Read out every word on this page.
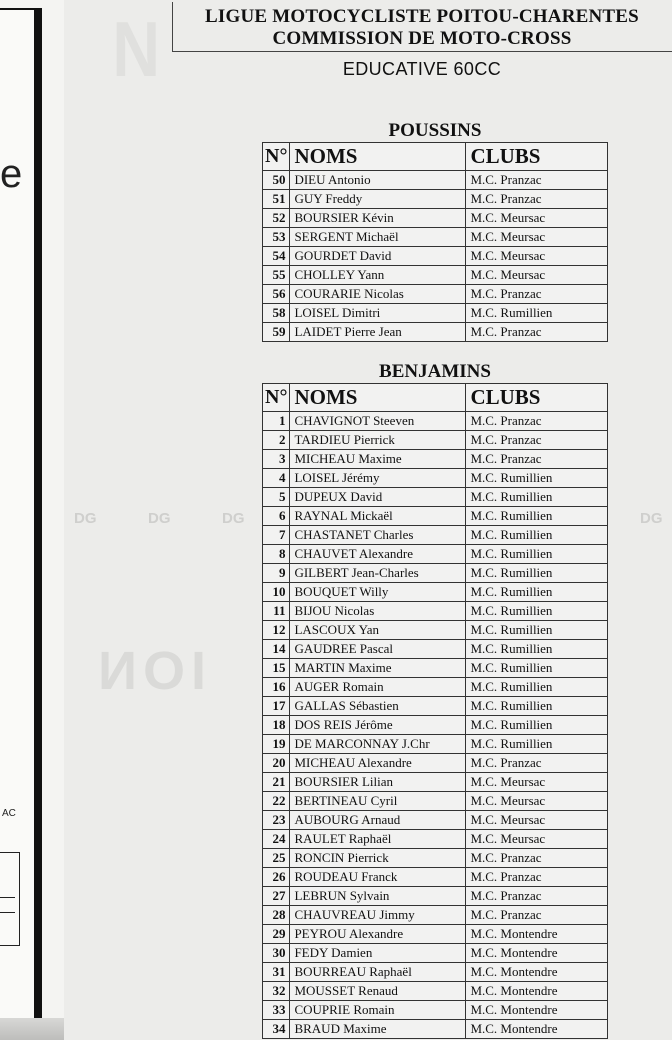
e
AC
N
ION
DG	DG	DG	DG
LIGUE MOTOCYCLISTE POITOU-CHARENTES
COMMISSION DE MOTO-CROSS
EDUCATIVE 60CC
POUSSINS
N°	NOMS	CLUBS
50	DIEU Antonio	M.C. Pranzac
51	GUY Freddy	M.C. Pranzac
52	BOURSIER Kévin	M.C. Meursac
53	SERGENT Michaël	M.C. Meursac
54	GOURDET David	M.C. Meursac
55	CHOLLEY Yann	M.C. Meursac
56	COURARIE Nicolas	M.C. Pranzac
58	LOISEL Dimitri	M.C. Rumillien
59	LAIDET Pierre Jean	M.C. Pranzac
BENJAMINS
N°	NOMS	CLUBS
1	CHAVIGNOT Steeven	M.C. Pranzac
2	TARDIEU Pierrick	M.C. Pranzac
3	MICHEAU Maxime	M.C. Pranzac
4	LOISEL Jérémy	M.C. Rumillien
5	DUPEUX David	M.C. Rumillien
6	RAYNAL Mickaël	M.C. Rumillien
7	CHASTANET Charles	M.C. Rumillien
8	CHAUVET Alexandre	M.C. Rumillien
9	GILBERT Jean-Charles	M.C. Rumillien
10	BOUQUET Willy	M.C. Rumillien
11	BIJOU Nicolas	M.C. Rumillien
12	LASCOUX Yan	M.C. Rumillien
14	GAUDREE Pascal	M.C. Rumillien
15	MARTIN Maxime	M.C. Rumillien
16	AUGER Romain	M.C. Rumillien
17	GALLAS Sébastien	M.C. Rumillien
18	DOS REIS Jérôme	M.C. Rumillien
19	DE MARCONNAY J.Chr	M.C. Rumillien
20	MICHEAU Alexandre	M.C. Pranzac
21	BOURSIER Lilian	M.C. Meursac
22	BERTINEAU Cyril	M.C. Meursac
23	AUBOURG Arnaud	M.C. Meursac
24	RAULET Raphaël	M.C. Meursac
25	RONCIN Pierrick	M.C. Pranzac
26	ROUDEAU Franck	M.C. Pranzac
27	LEBRUN Sylvain	M.C. Pranzac
28	CHAUVREAU Jimmy	M.C. Pranzac
29	PEYROU Alexandre	M.C. Montendre
30	FEDY Damien	M.C. Montendre
31	BOURREAU Raphaël	M.C. Montendre
32	MOUSSET Renaud	M.C. Montendre
33	COUPRIE Romain	M.C. Montendre
34	BRAUD Maxime	M.C. Montendre
